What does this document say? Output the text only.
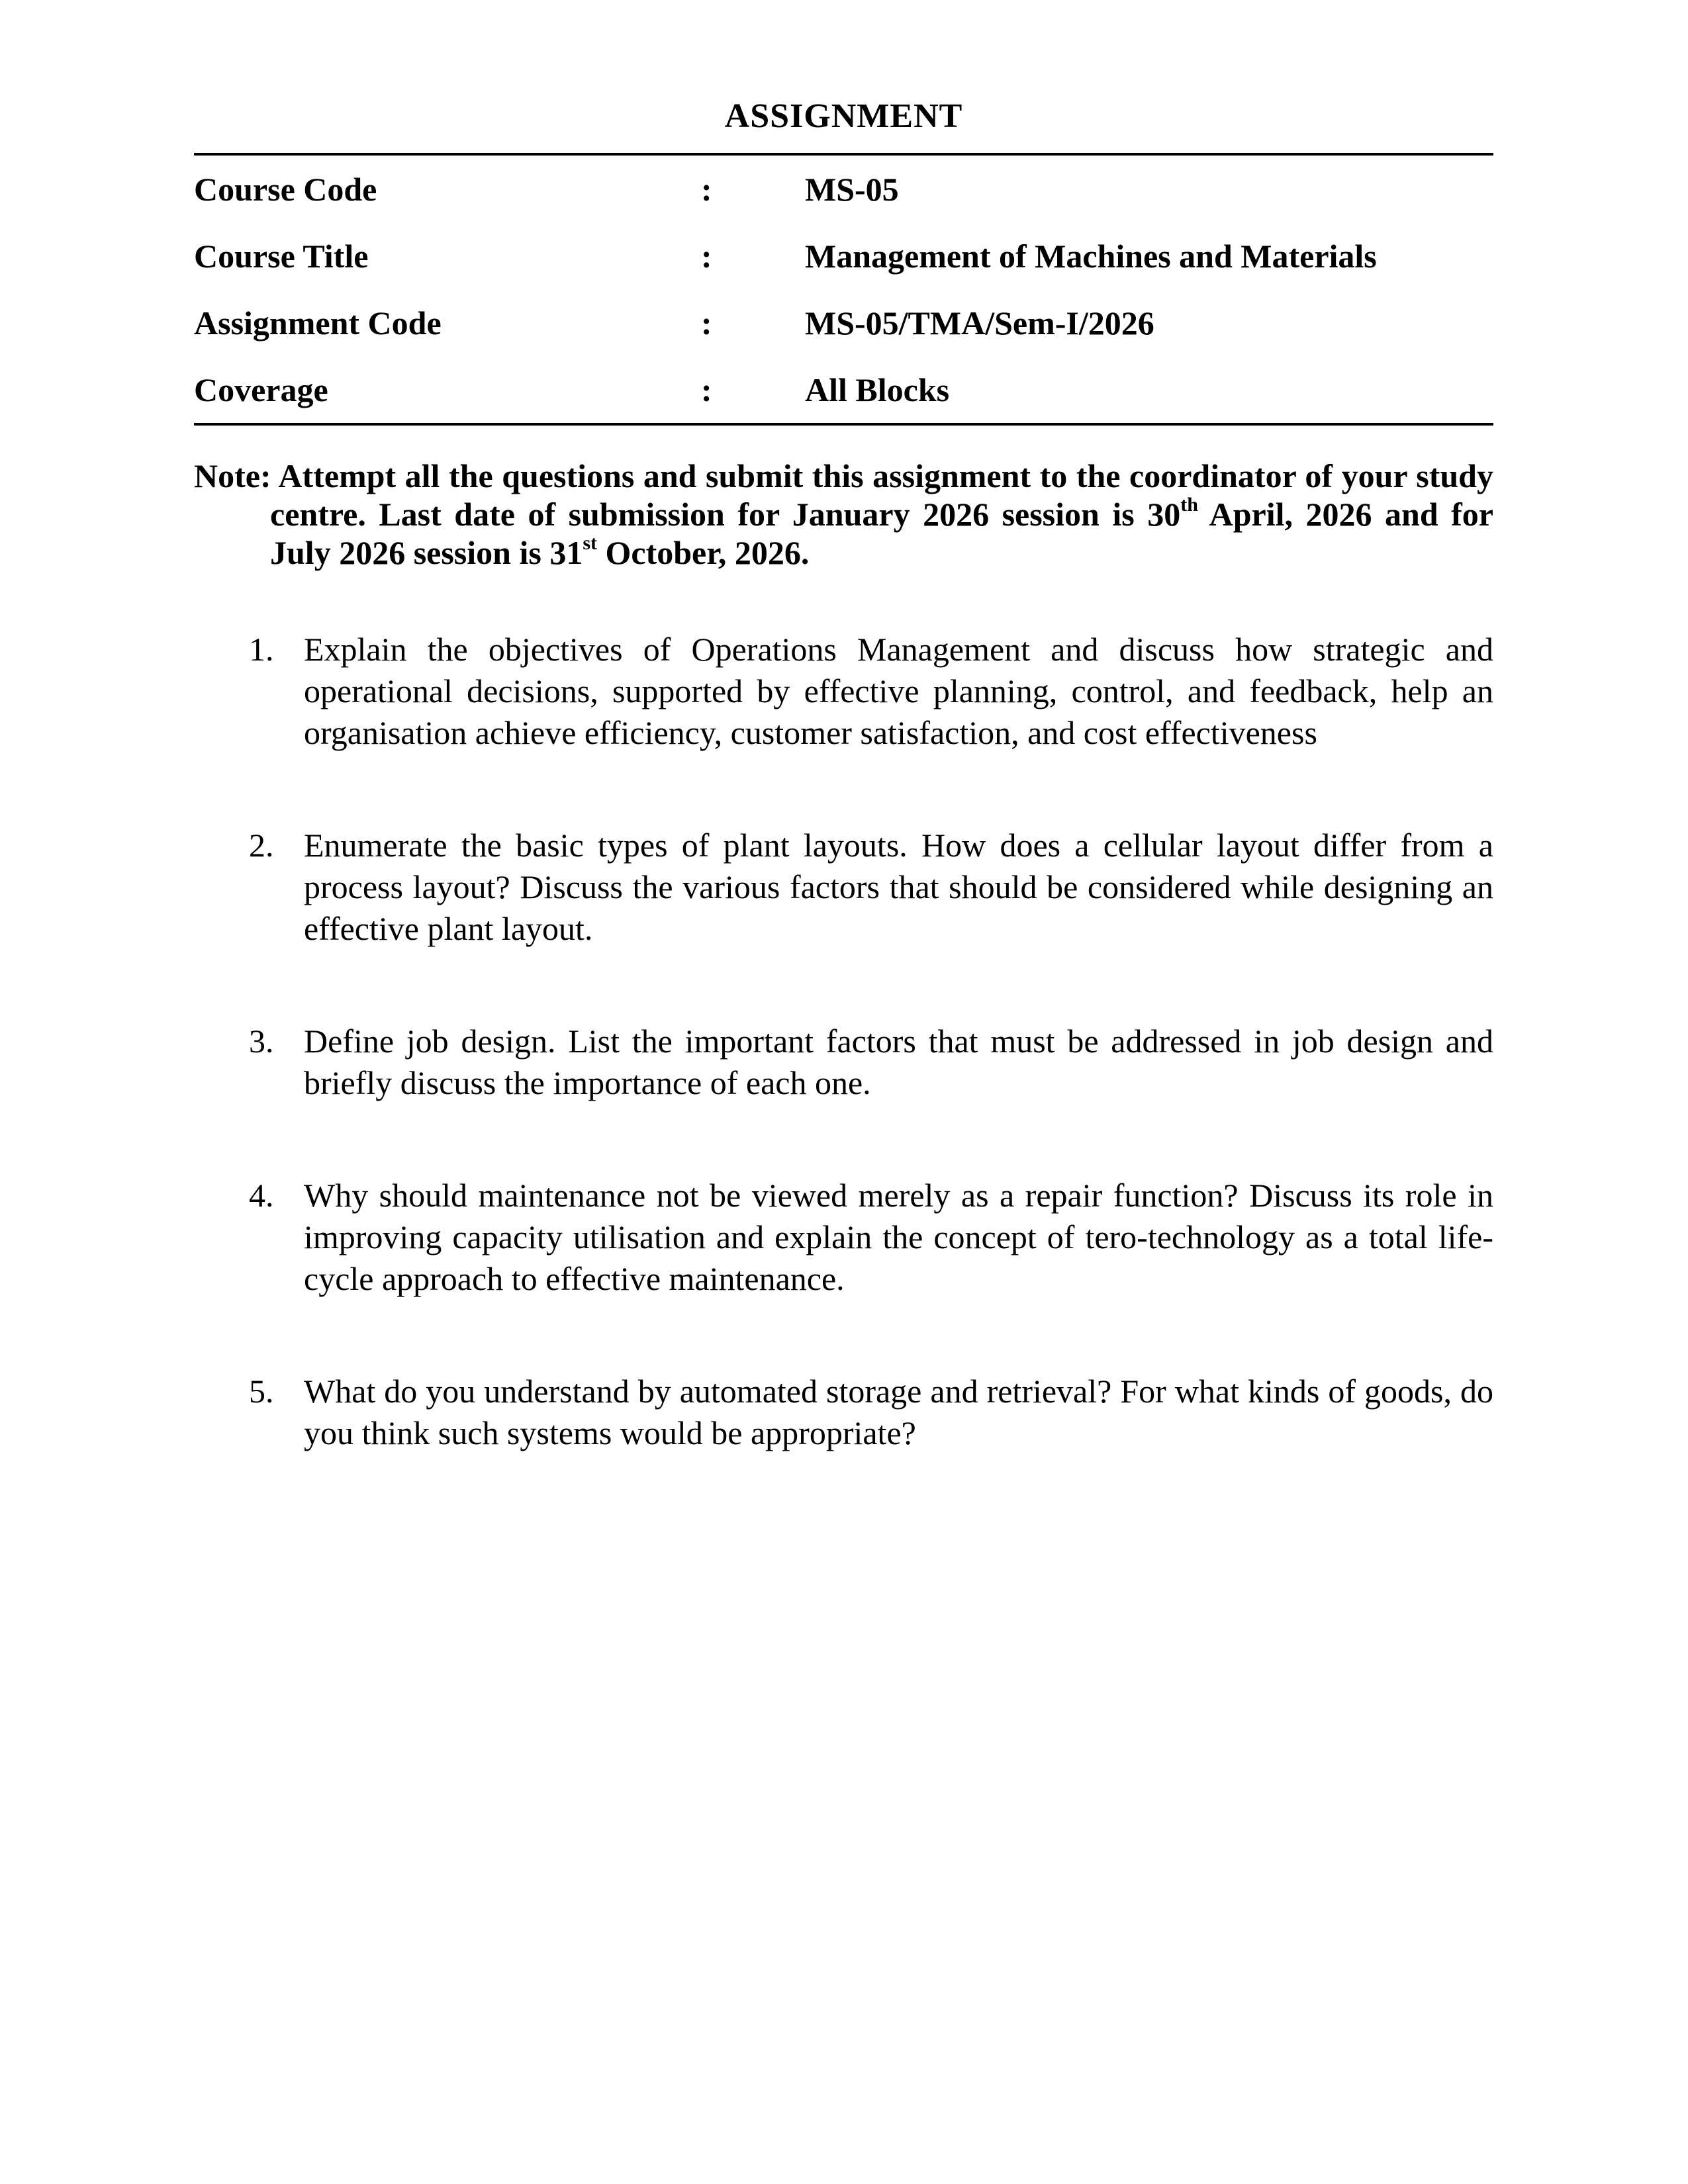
ASSIGNMENT
Course Code	:	MS-05
Course Title	:	Management of Machines and Materials
Assignment Code	:	MS-05/TMA/Sem-I/2026
Coverage	:	All Blocks

Note: Attempt all the questions and submit this assignment to the coordinator of your study centre. Last date of submission for January 2026 session is 30th April, 2026 and for July 2026 session is 31st October, 2026.

1. Explain the objectives of Operations Management and discuss how strategic and operational decisions, supported by effective planning, control, and feedback, help an organisation achieve efficiency, customer satisfaction, and cost effectiveness
2. Enumerate the basic types of plant layouts. How does a cellular layout differ from a process layout? Discuss the various factors that should be considered while designing an effective plant layout.
3. Define job design. List the important factors that must be addressed in job design and briefly discuss the importance of each one.
4. Why should maintenance not be viewed merely as a repair function? Discuss its role in improving capacity utilisation and explain the concept of tero-technology as a total life-cycle approach to effective maintenance.
5. What do you understand by automated storage and retrieval? For what kinds of goods, do you think such systems would be appropriate?
